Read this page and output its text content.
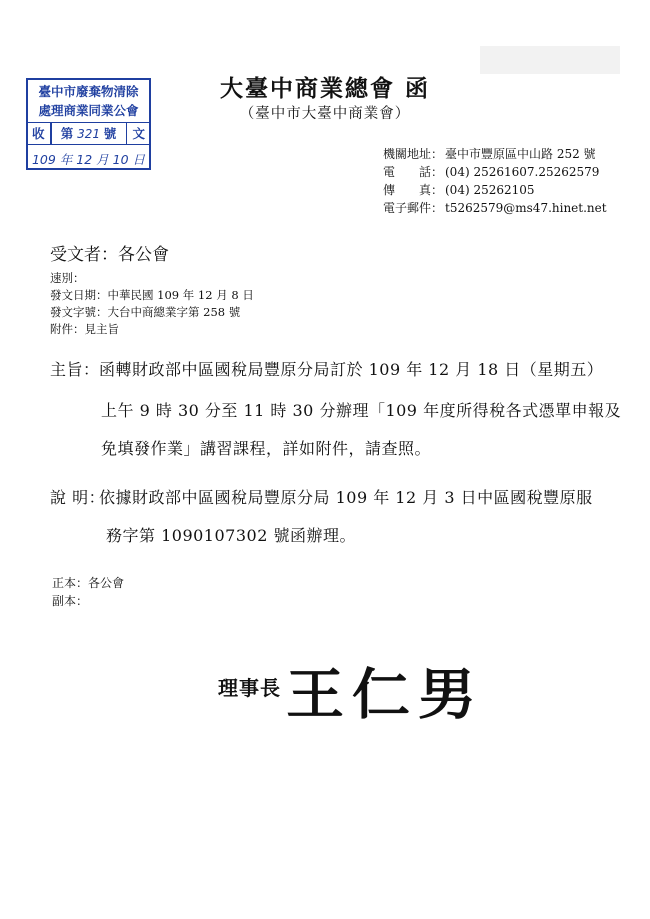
臺中市廢棄物清除
處理商業同業公會
收 第 321 號 文
109 年 12 月 10 日
大臺中商業總會 函
（臺中市大臺中商業會）
機關地址： 臺中市豐原區中山路 252 號
電　　話： (04) 25261607.25262579
傳　　真： (04) 25262105
電子郵件： t5262579@ms47.hinet.net
受文者：各公會
速別：
發文日期：中華民國 109 年 12 月 8 日
發文字號：大台中商總業字第 258 號
附件：見主旨
主旨： 函轉財政部中區國稅局豐原分局訂於 109 年 12 月 18 日（星期五）
上午 9 時 30 分至 11 時 30 分辦理「109 年度所得稅各式憑單申報及
免填發作業」講習課程，詳如附件，請查照。
說 明：
依據財政部中區國稅局豐原分局 109 年 12 月 3 日中區國稅豐原服
務字第 1090107302 號函辦理。
正本：各公會
副本：
理事長 王仁男
